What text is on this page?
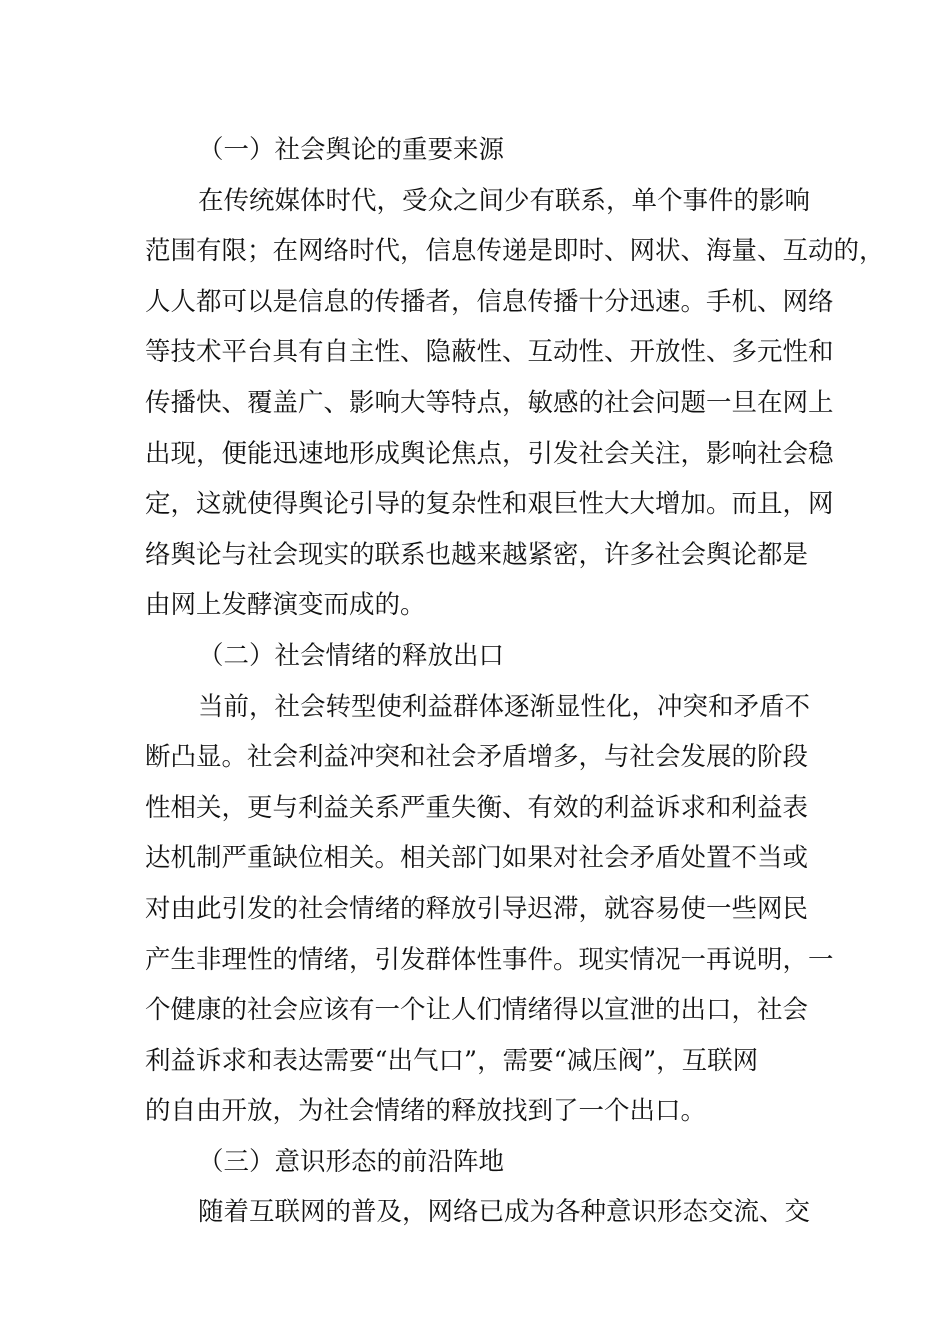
（一）社会舆论的重要来源
在传统媒体时代，受众之间少有联系，单个事件的影响
范围有限；在网络时代，信息传递是即时、网状、海量、互动的，
人人都可以是信息的传播者，信息传播十分迅速。手机、网络
等技术平台具有自主性、隐蔽性、互动性、开放性、多元性和
传播快、覆盖广、影响大等特点，敏感的社会问题一旦在网上
出现，便能迅速地形成舆论焦点，引发社会关注，影响社会稳
定，这就使得舆论引导的复杂性和艰巨性大大增加。而且，网
络舆论与社会现实的联系也越来越紧密，许多社会舆论都是
由网上发酵演变而成的。
（二）社会情绪的释放出口
当前，社会转型使利益群体逐渐显性化，冲突和矛盾不
断凸显。社会利益冲突和社会矛盾增多，与社会发展的阶段
性相关，更与利益关系严重失衡、有效的利益诉求和利益表
达机制严重缺位相关。相关部门如果对社会矛盾处置不当或
对由此引发的社会情绪的释放引导迟滞，就容易使一些网民
产生非理性的情绪，引发群体性事件。现实情况一再说明，一
个健康的社会应该有一个让人们情绪得以宣泄的出口，社会
利益诉求和表达需要“出气口”，需要“减压阀”，互联网
的自由开放，为社会情绪的释放找到了一个出口。
（三）意识形态的前沿阵地
随着互联网的普及，网络已成为各种意识形态交流、交
